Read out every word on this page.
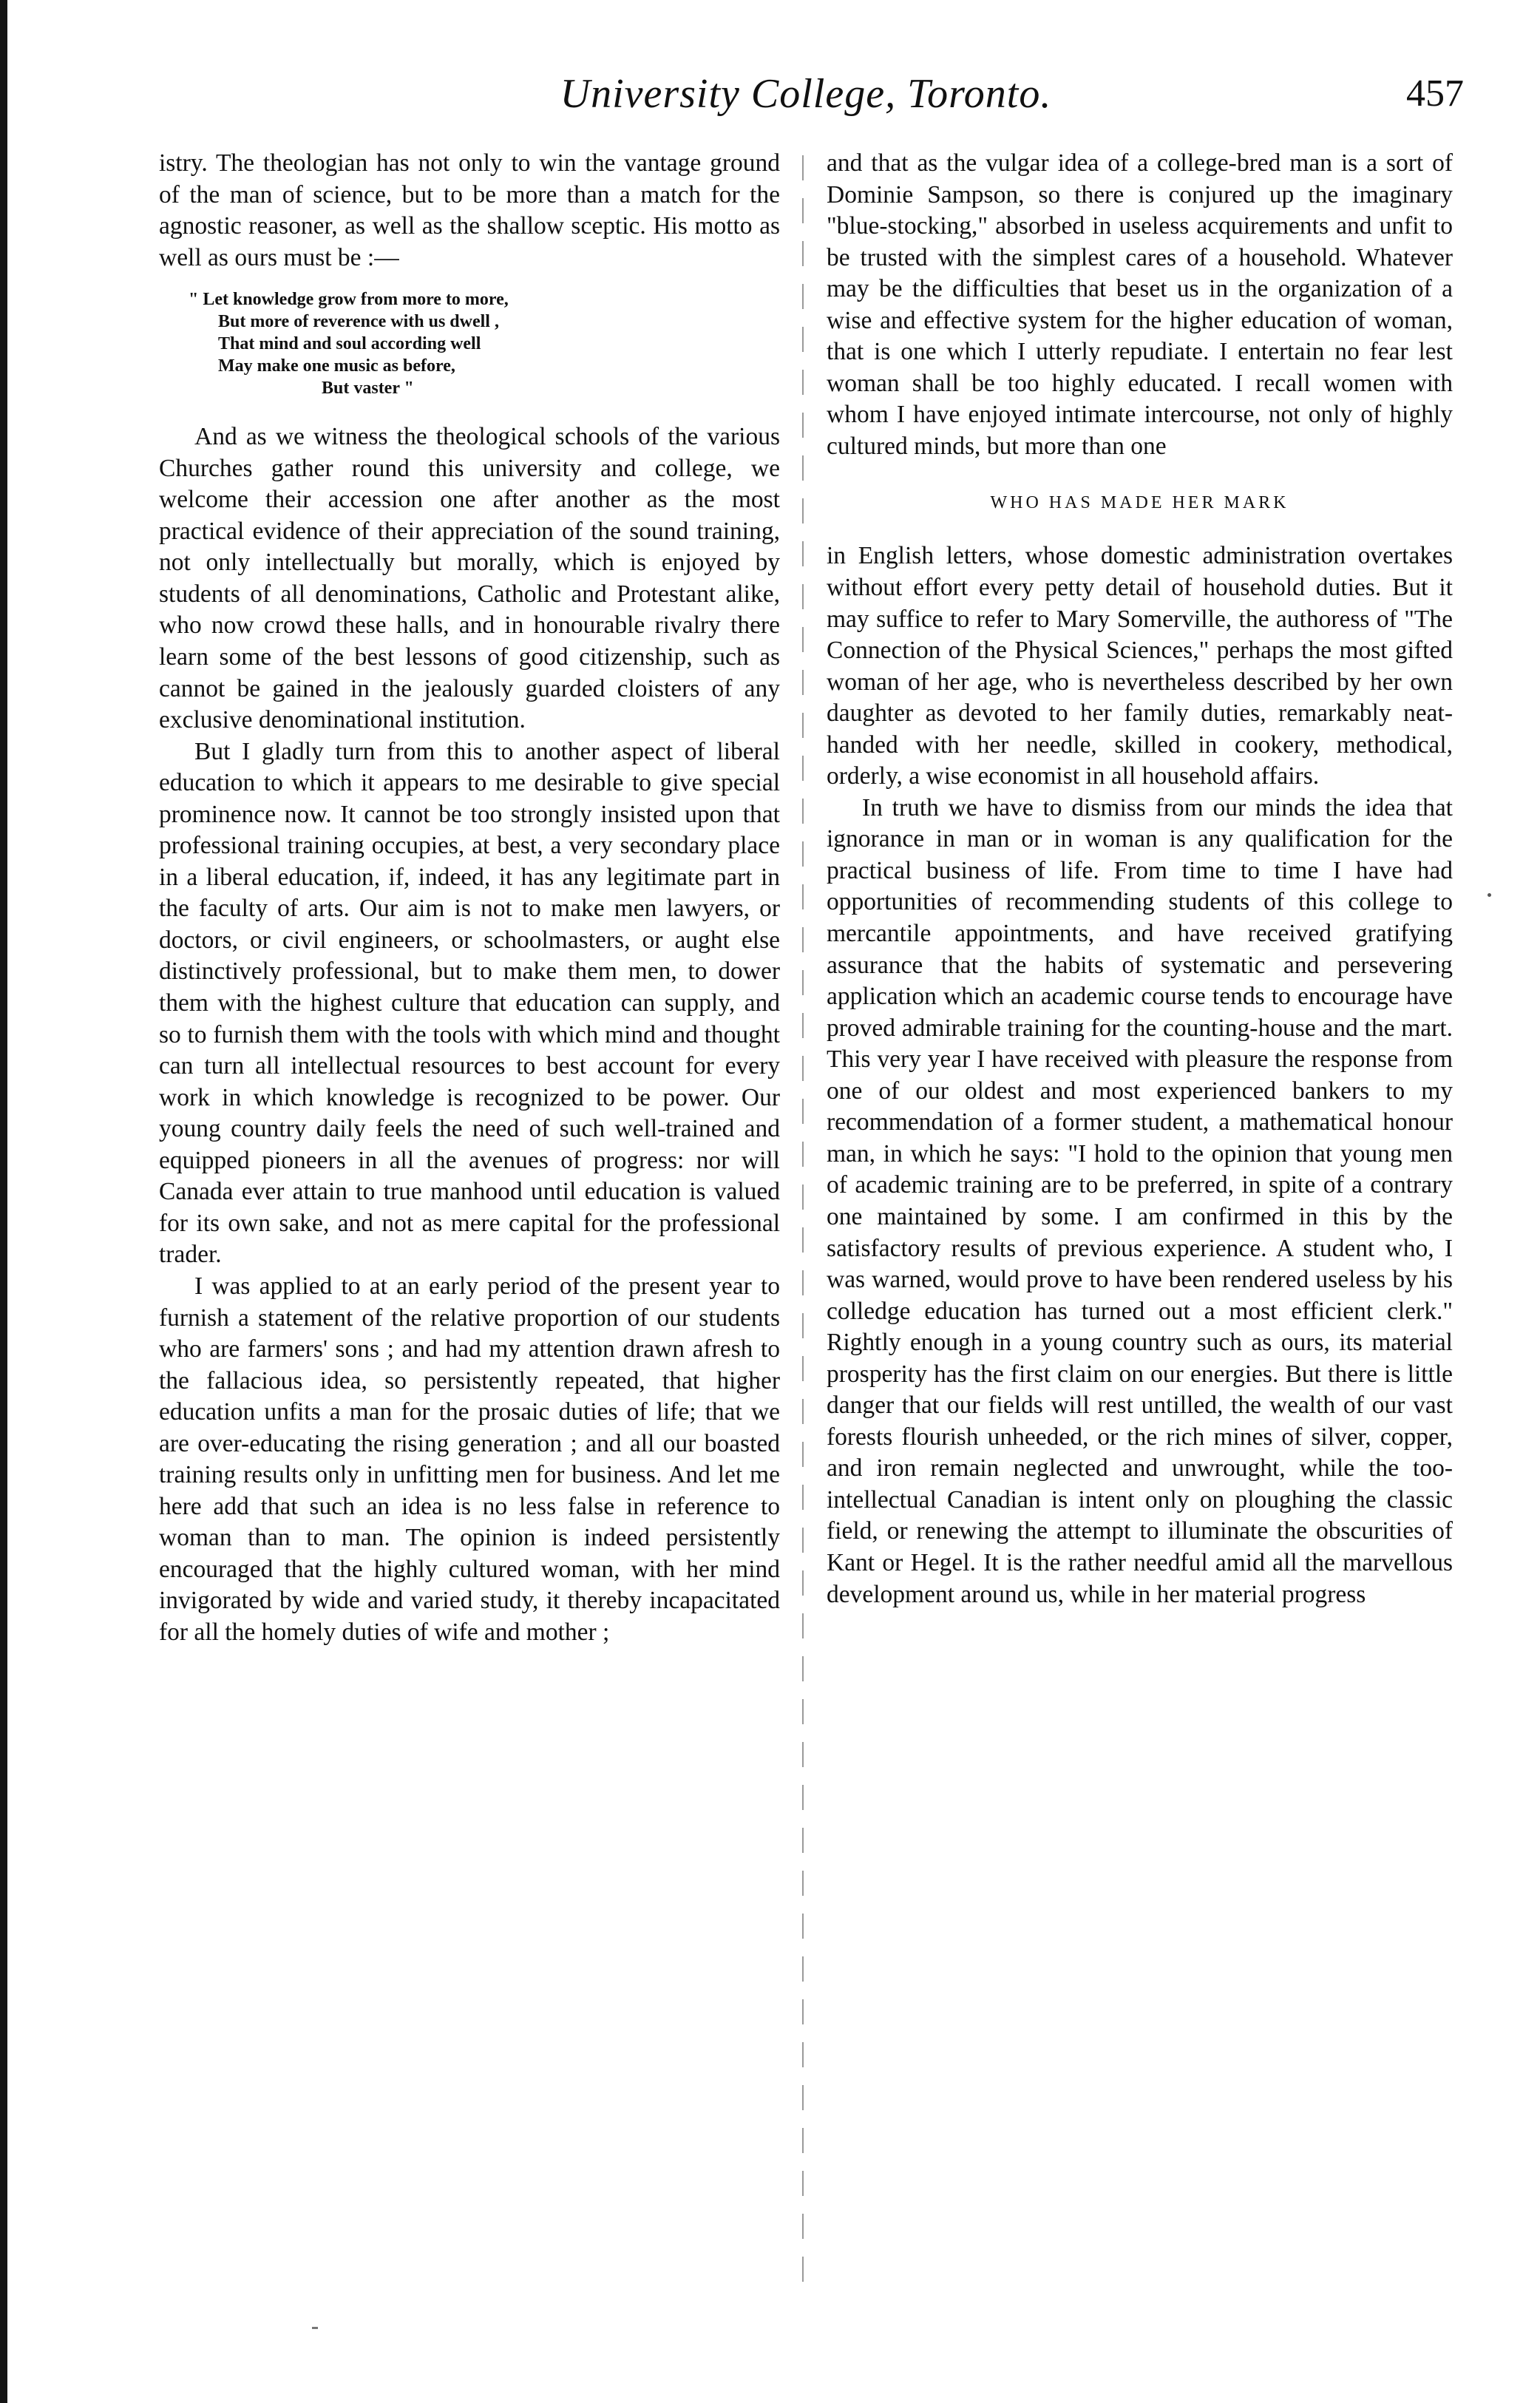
University College, Toronto.	457

istry. The theologian has not only to win the vantage ground of the man of science, but to be more than a match for the agnostic reasoner, as well as the shallow sceptic. His motto as well as ours must be :—

" Let knowledge grow from more to more,
But more of reverence with us dwell ,
That mind and soul according well
May make one music as before,
But vaster "

And as we witness the theological schools of the various Churches gather round this university and college, we welcome their accession one after another as the most practical evidence of their appreciation of the sound training, not only intellectually but morally, which is enjoyed by students of all denominations, Catholic and Protestant alike, who now crowd these halls, and in honourable rivalry there learn some of the best lessons of good citizenship, such as cannot be gained in the jealously guarded cloisters of any exclusive denominational institution.

But I gladly turn from this to another aspect of liberal education to which it appears to me desirable to give special prominence now. It cannot be too strongly insisted upon that professional training occupies, at best, a very secondary place in a liberal education, if, indeed, it has any legitimate part in the faculty of arts. Our aim is not to make men lawyers, or doctors, or civil engineers, or schoolmasters, or aught else distinctively professional, but to make them men, to dower them with the highest culture that education can supply, and so to furnish them with the tools with which mind and thought can turn all intellectual resources to best account for every work in which knowledge is recognized to be power. Our young country daily feels the need of such well-trained and equipped pioneers in all the avenues of progress: nor will Canada ever attain to true manhood until education is valued for its own sake, and not as mere capital for the professional trader.

I was applied to at an early period of the present year to furnish a statement of the relative proportion of our students who are farmers' sons ; and had my attention drawn afresh to the fallacious idea, so persistently repeated, that higher education unfits a man for the prosaic duties of life; that we are over-educating the rising generation ; and all our boasted training results only in unfitting men for business. And let me here add that such an idea is no less false in reference to woman than to man. The opinion is indeed persistently encouraged that the highly cultured woman, with her mind invigorated by wide and varied study, it thereby incapacitated for all the homely duties of wife and mother ;

and that as the vulgar idea of a college-bred man is a sort of Dominie Sampson, so there is conjured up the imaginary "blue-stocking," absorbed in useless acquirements and unfit to be trusted with the simplest cares of a household. Whatever may be the difficulties that beset us in the organization of a wise and effective system for the higher education of woman, that is one which I utterly repudiate. I entertain no fear lest woman shall be too highly educated. I recall women with whom I have enjoyed intimate intercourse, not only of highly cultured minds, but more than one

WHO HAS MADE HER MARK

in English letters, whose domestic administration overtakes without effort every petty detail of household duties. But it may suffice to refer to Mary Somerville, the authoress of "The Connection of the Physical Sciences," perhaps the most gifted woman of her age, who is nevertheless described by her own daughter as devoted to her family duties, remarkably neat-handed with her needle, skilled in cookery, methodical, orderly, a wise economist in all household affairs.

In truth we have to dismiss from our minds the idea that ignorance in man or in woman is any qualification for the practical business of life. From time to time I have had opportunities of recommending students of this college to mercantile appointments, and have received gratifying assurance that the habits of systematic and persevering application which an academic course tends to encourage have proved admirable training for the counting-house and the mart. This very year I have received with pleasure the response from one of our oldest and most experienced bankers to my recommendation of a former student, a mathematical honour man, in which he says: "I hold to the opinion that young men of academic training are to be preferred, in spite of a contrary one maintained by some. I am confirmed in this by the satisfactory results of previous experience. A student who, I was warned, would prove to have been rendered useless by his colledge education has turned out a most efficient clerk." Rightly enough in a young country such as ours, its material prosperity has the first claim on our energies. But there is little danger that our fields will rest untilled, the wealth of our vast forests flourish unheeded, or the rich mines of silver, copper, and iron remain neglected and unwrought, while the too-intellectual Canadian is intent only on ploughing the classic field, or renewing the attempt to illuminate the obscurities of Kant or Hegel. It is the rather needful amid all the marvellous development around us, while in her material progress
